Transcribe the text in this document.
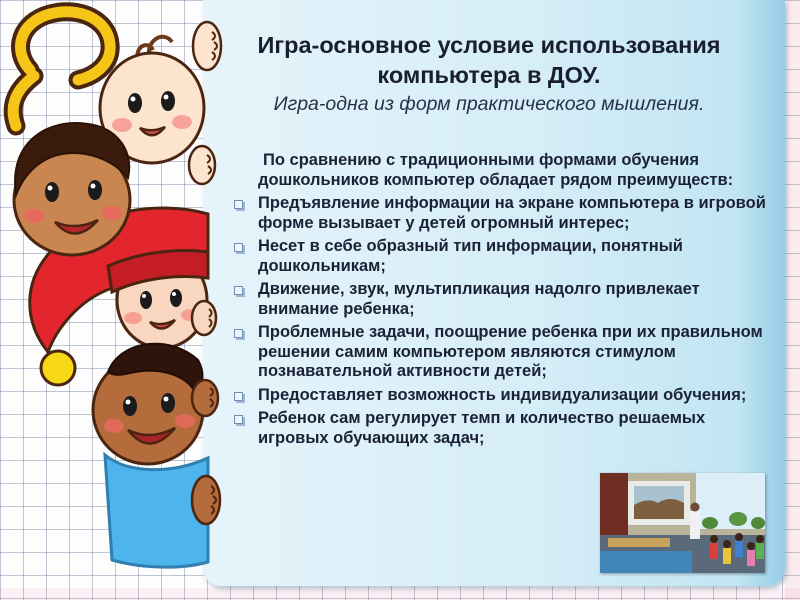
Игра-основное условие использования компьютера в ДОУ.
Игра-одна из форм практического мышления.

По сравнению с традиционными формами обучения дошкольников компьютер обладает рядом преимуществ:

Предъявление информации на экране компьютера в игровой форме вызывает у детей огромный интерес;
Несет в себе образный тип информации, понятный дошкольникам;
Движение, звук, мультипликация надолго привлекает внимание ребенка;
Проблемные задачи, поощрение ребенка при их правильном решении самим компьютером являются стимулом познавательной активности детей;
Предоставляет возможность индивидуализации обучения;
Ребенок сам регулирует темп и количество решаемых игровых обучающих задач;
